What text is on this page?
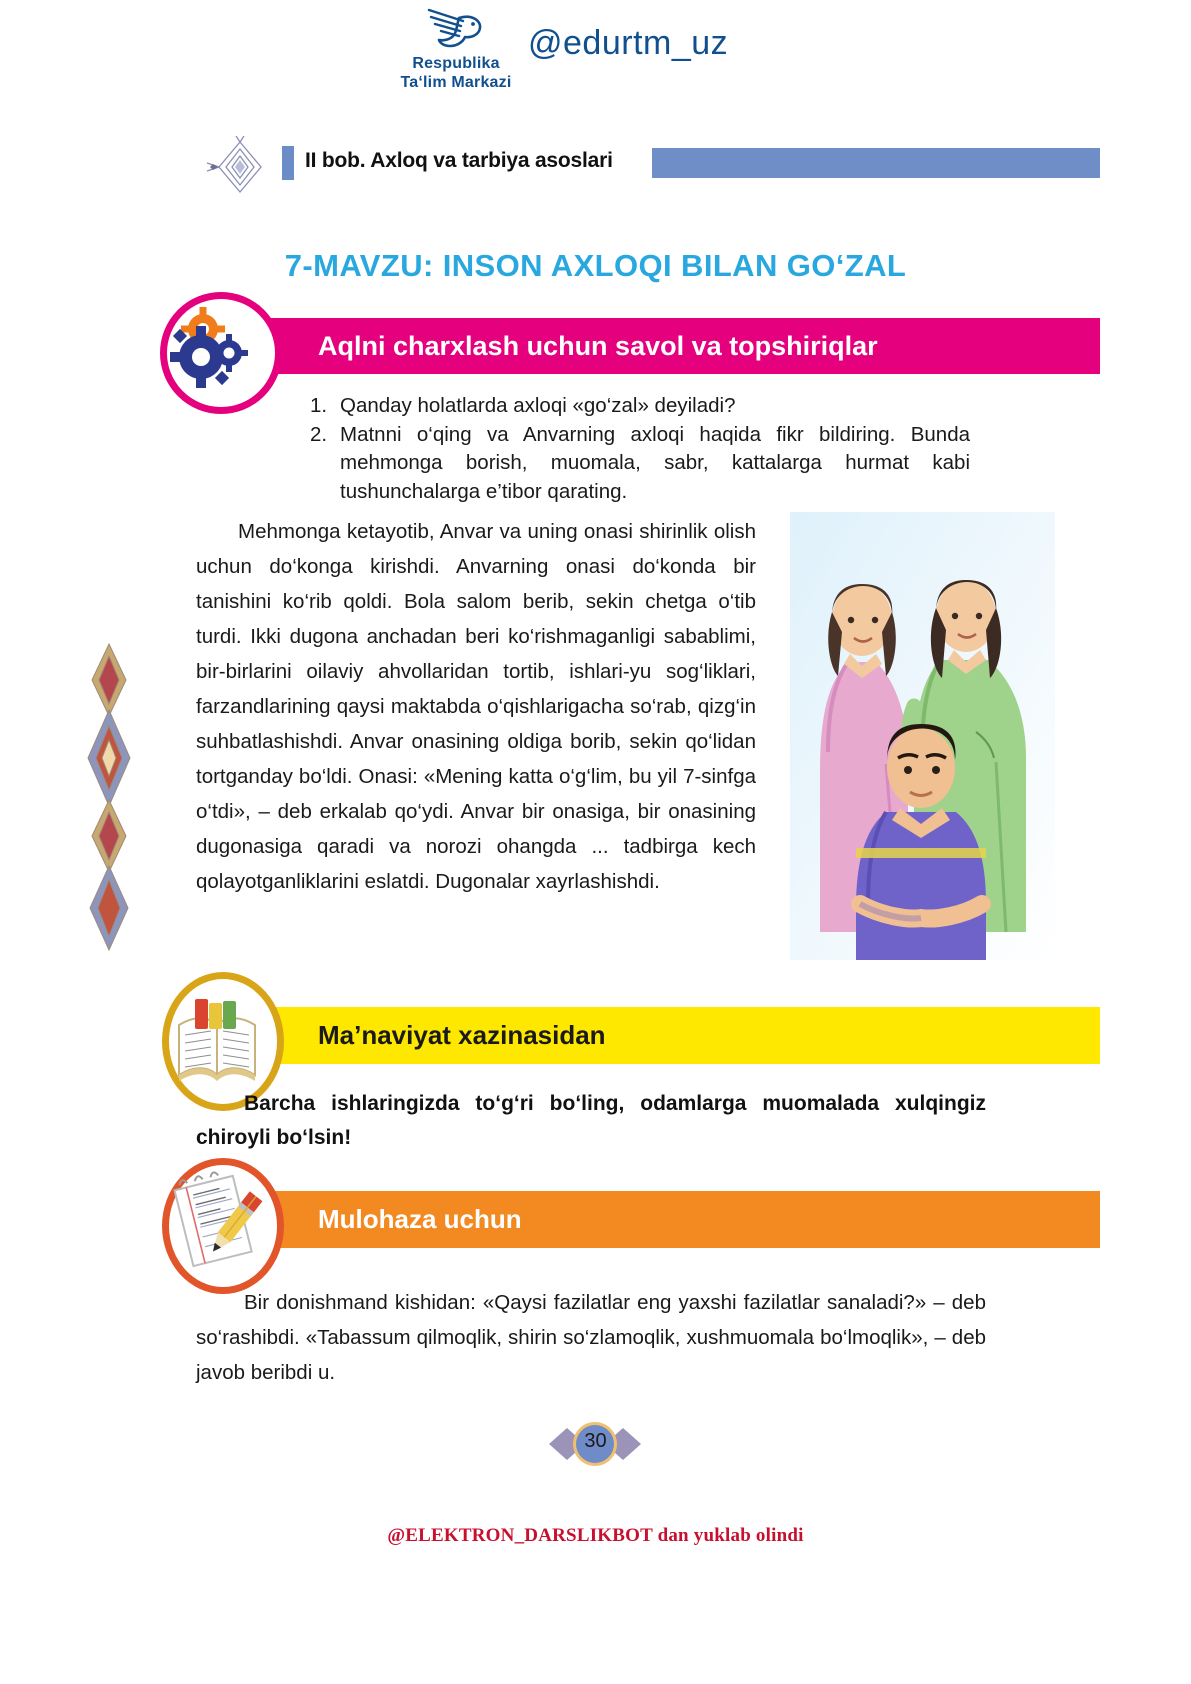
Respublika
Ta‘lim Markazi
@edurtm_uz
II bob. Axloq va tarbiya asoslari
7-MAVZU: INSON AXLOQI BILAN GO‘ZAL
Aqlni charxlash uchun savol va topshiriqlar
1. Qanday holatlarda axloqi «go‘zal» deyiladi?
2. Matnni o‘qing va Anvarning axloqi haqida fikr bildiring. Bunda mehmonga borish, muomala, sabr, kattalarga hurmat kabi tushunchalarga e’tibor qarating.
Mehmonga ketayotib, Anvar va uning onasi shirinlik olish uchun do‘konga kirishdi. Anvarning onasi do‘konda bir tanishini ko‘rib qoldi. Bola salom berib, sekin chetga o‘tib turdi. Ikki dugona anchadan beri ko‘rishmaganligi sabablimi, bir-birlarini oilaviy ahvollaridan tortib, ishlari-yu sog‘liklari, farzandlarining qaysi maktabda o‘qishlarigacha so‘rab, qizg‘in suhbatlashishdi. Anvar onasining oldiga borib, sekin qo‘lidan tortganday bo‘ldi. Onasi: «Mening katta o‘g‘lim, bu yil 7-sinfga o‘tdi», – deb erkalab qo‘ydi. Anvar bir onasiga, bir onasining dugonasiga qaradi va norozi ohangda ... tadbirga kech qolayotganliklarini eslatdi. Dugonalar xayrlashishdi.
Ma’naviyat xazinasidan
Barcha ishlaringizda to‘g‘ri bo‘ling, odamlarga muomalada xulqingiz chiroyli bo‘lsin!
Mulohaza uchun
Bir donishmand kishidan: «Qaysi fazilatlar eng yaxshi fazilatlar sanaladi?» – deb so‘rashibdi. «Tabassum qilmoqlik, shirin so‘zlamoqlik, xushmuomala bo‘lmoqlik», – deb javob beribdi u.
30
@ELEKTRON_DARSLIKBOT dan yuklab olindi
